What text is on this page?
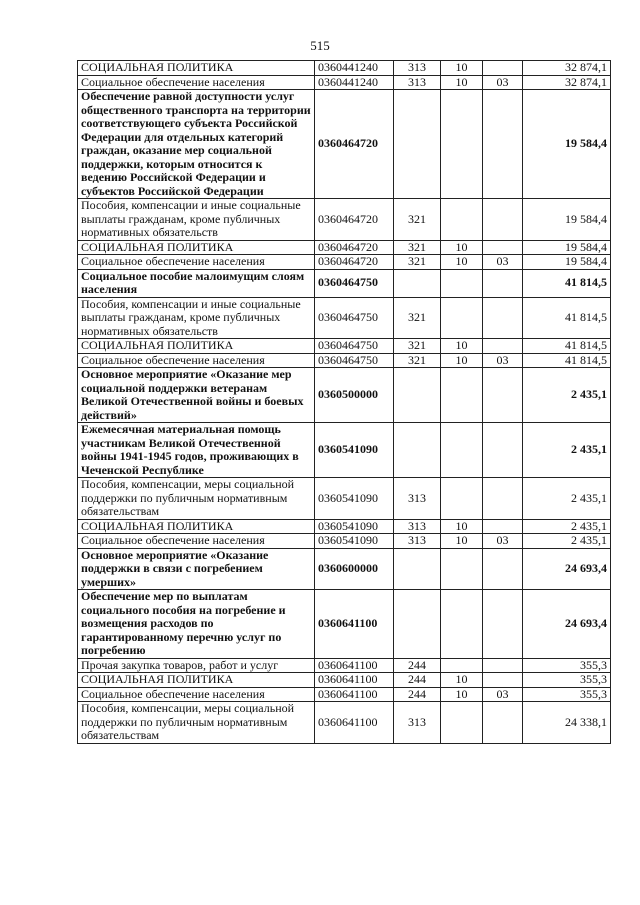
515
СОЦИАЛЬНАЯ ПОЛИТИКА	0360441240	313	10		32 874,1
Социальное обеспечение населения	0360441240	313	10	03	32 874,1
Обеспечение равной доступности услуг общественного транспорта на территории соответствующего субъекта Российской Федерации для отдельных категорий граждан, оказание мер социальной поддержки, которым относится к ведению Российской Федерации и субъектов Российской Федерации	0360464720				19 584,4
Пособия, компенсации и иные социальные выплаты гражданам, кроме публичных нормативных обязательств	0360464720	321			19 584,4
СОЦИАЛЬНАЯ ПОЛИТИКА	0360464720	321	10		19 584,4
Социальное обеспечение населения	0360464720	321	10	03	19 584,4
Социальное пособие малоимущим слоям населения	0360464750				41 814,5
Пособия, компенсации и иные социальные выплаты гражданам, кроме публичных нормативных обязательств	0360464750	321			41 814,5
СОЦИАЛЬНАЯ ПОЛИТИКА	0360464750	321	10		41 814,5
Социальное обеспечение населения	0360464750	321	10	03	41 814,5
Основное мероприятие «Оказание мер социальной поддержки ветеранам Великой Отечественной войны и боевых действий»	0360500000				2 435,1
Ежемесячная материальная помощь участникам Великой Отечественной войны 1941-1945 годов, проживающих в Чеченской Республике	0360541090				2 435,1
Пособия, компенсации, меры социальной поддержки по публичным нормативным обязательствам	0360541090	313			2 435,1
СОЦИАЛЬНАЯ ПОЛИТИКА	0360541090	313	10		2 435,1
Социальное обеспечение населения	0360541090	313	10	03	2 435,1
Основное мероприятие «Оказание поддержки в связи с погребением умерших»	0360600000				24 693,4
Обеспечение мер по выплатам социального пособия на погребение и возмещения расходов по гарантированному перечню услуг по погребению	0360641100				24 693,4
Прочая закупка товаров, работ и услуг	0360641100	244			355,3
СОЦИАЛЬНАЯ ПОЛИТИКА	0360641100	244	10		355,3
Социальное обеспечение населения	0360641100	244	10	03	355,3
Пособия, компенсации, меры социальной поддержки по публичным нормативным обязательствам	0360641100	313			24 338,1
